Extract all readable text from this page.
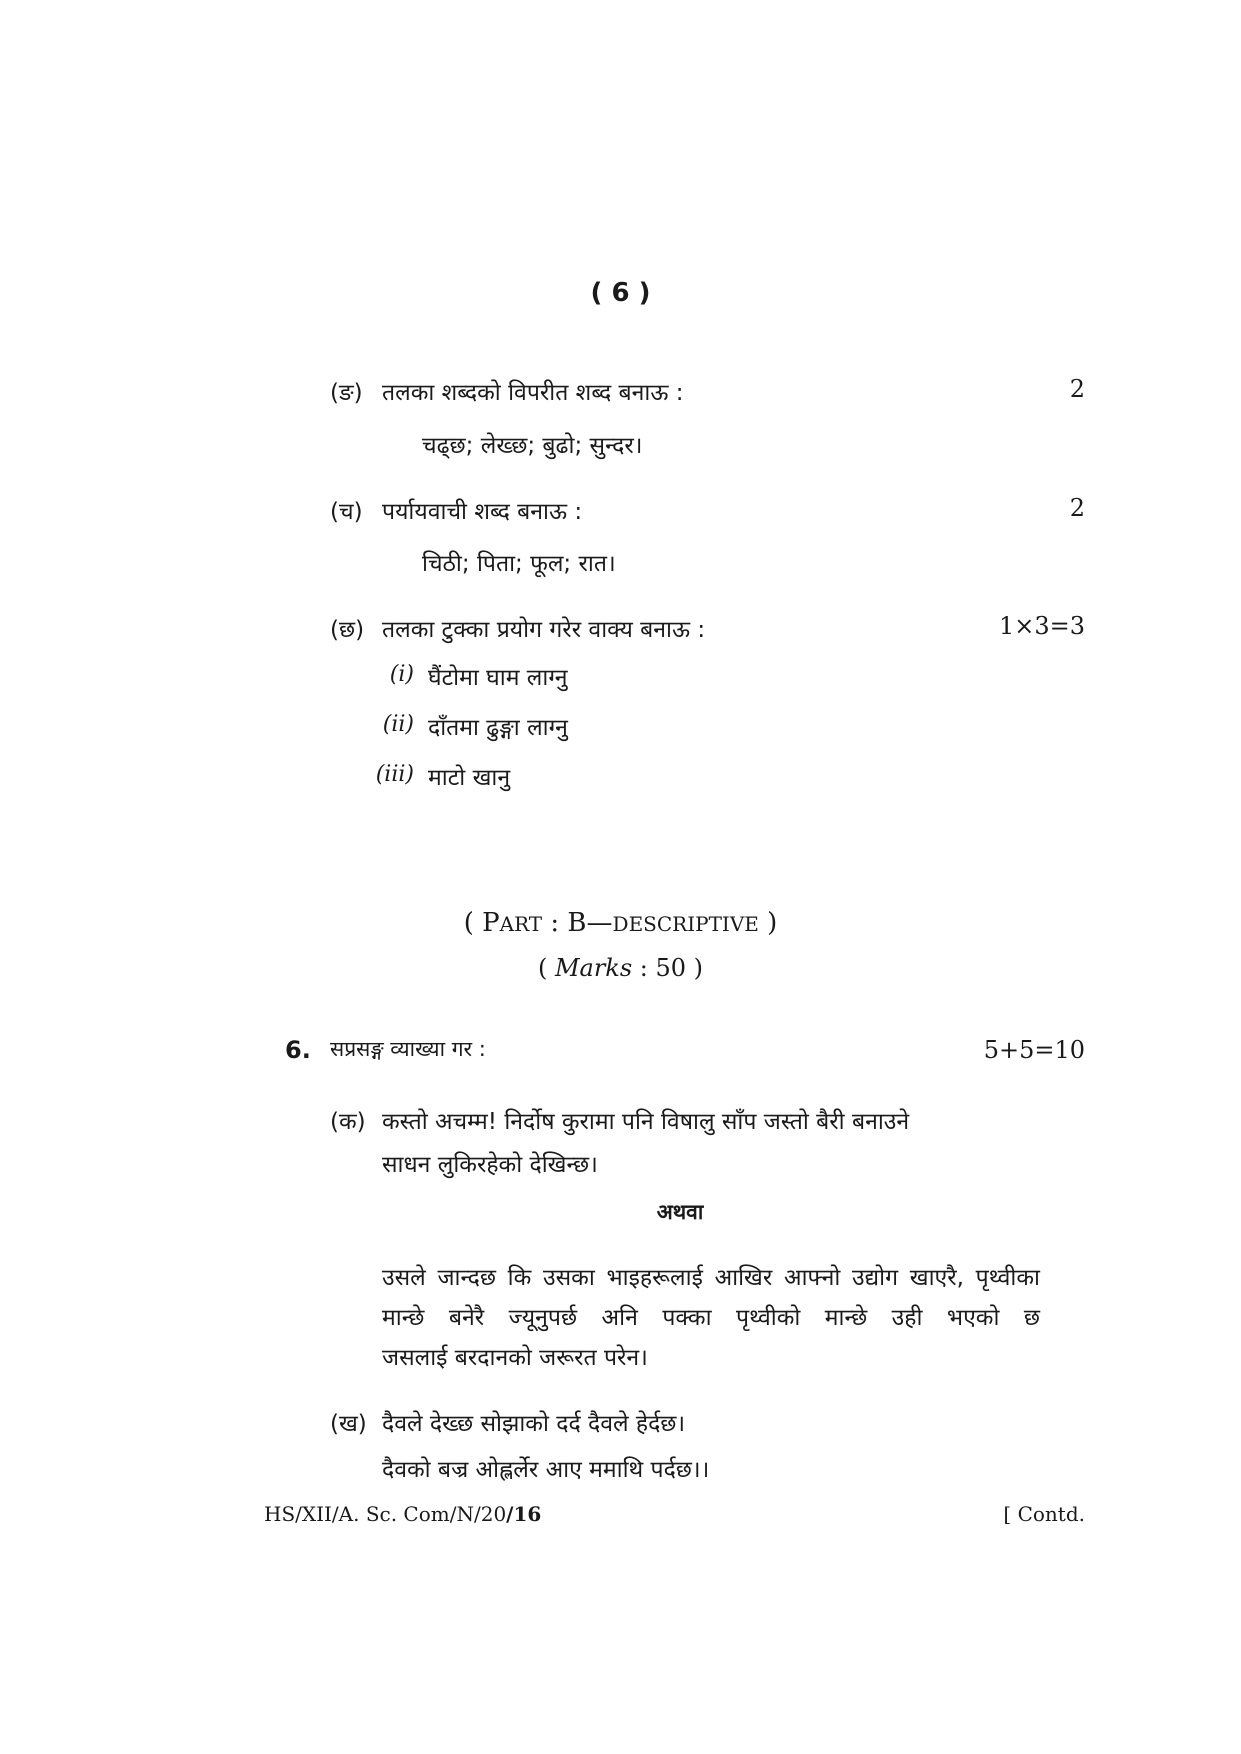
( 6 )
(ङ) तलका शब्दको विपरीत शब्द बनाऊ :	2
चढ्छ; लेख्छ; बुढो; सुन्दर।
(च) पर्यायवाची शब्द बनाऊ :	2
चिठी; पिता; फूल; रात।
(छ) तलका टुक्का प्रयोग गरेर वाक्य बनाऊ :	1×3=3
(i) घैंटोमा घाम लाग्नु
(ii) दाँतमा ढुङ्गा लाग्नु
(iii) माटो खानु
( PART : B—DESCRIPTIVE )
( Marks : 50 )
6. सप्रसङ्ग व्याख्या गर :	5+5=10
(क) कस्तो अचम्म! निर्दोष कुरामा पनि विषालु साँप जस्तो बैरी बनाउने
साधन लुकिरहेको देखिन्छ।
अथवा
उसले जान्दछ कि उसका भाइहरूलाई आखिर आफ्नो उद्योग खाएरै, पृथ्वीका
मान्छे बनेरै ज्यूनुपर्छ अनि पक्का पृथ्वीको मान्छे उही भएको छ
जसलाई बरदानको जरूरत परेन।
(ख) दैवले देख्छ सोझाको दर्द दैवले हेर्दछ।
दैवको बज्र ओह्लर्लेर आए ममाथि पर्दछ।।
HS/XII/A. Sc. Com/N/20/16	[ Contd.
